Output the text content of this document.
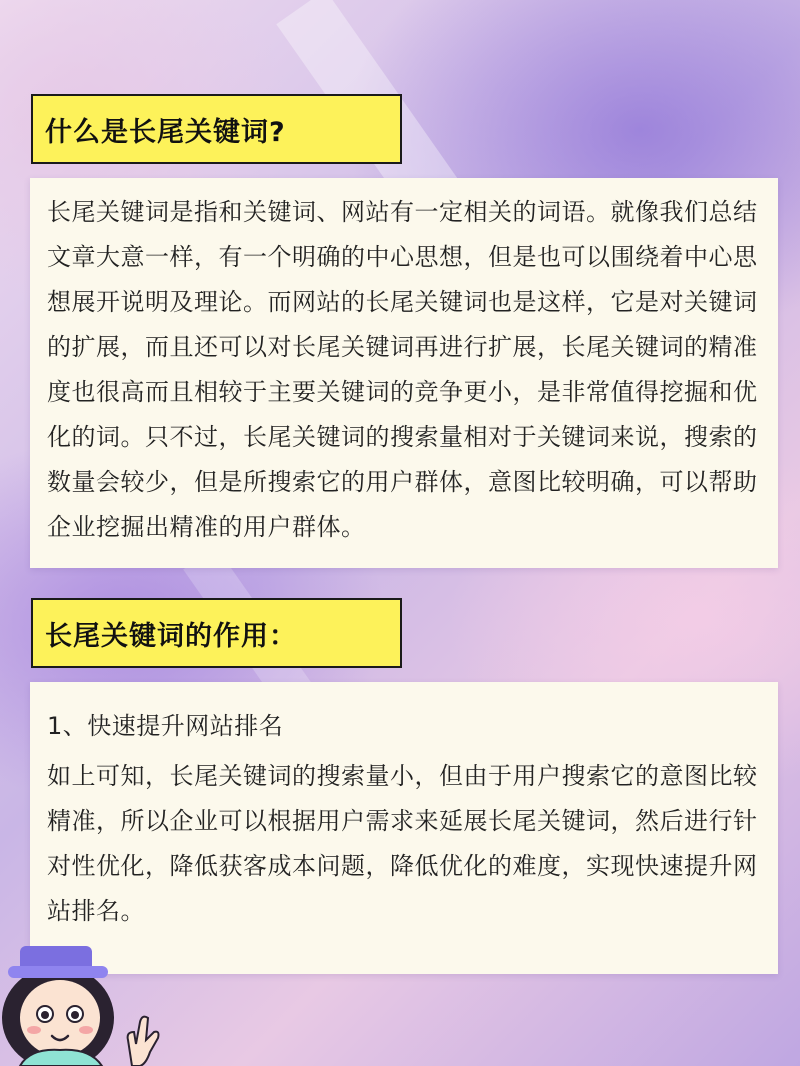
什么是长尾关键词?

长尾关键词是指和关键词、网站有一定相关的词语。就像我们总结文章大意一样，有一个明确的中心思想，但是也可以围绕着中心思想展开说明及理论。而网站的长尾关键词也是这样，它是对关键词的扩展，而且还可以对长尾关键词再进行扩展，长尾关键词的精准度也很高而且相较于主要关键词的竞争更小，是非常值得挖掘和优化的词。只不过，长尾关键词的搜索量相对于关键词来说，搜索的数量会较少，但是所搜索它的用户群体，意图比较明确，可以帮助企业挖掘出精准的用户群体。

长尾关键词的作用：

1、快速提升网站排名

如上可知，长尾关键词的搜索量小，但由于用户搜索它的意图比较精准，所以企业可以根据用户需求来延展长尾关键词，然后进行针对性优化，降低获客成本问题，降低优化的难度，实现快速提升网站排名。
